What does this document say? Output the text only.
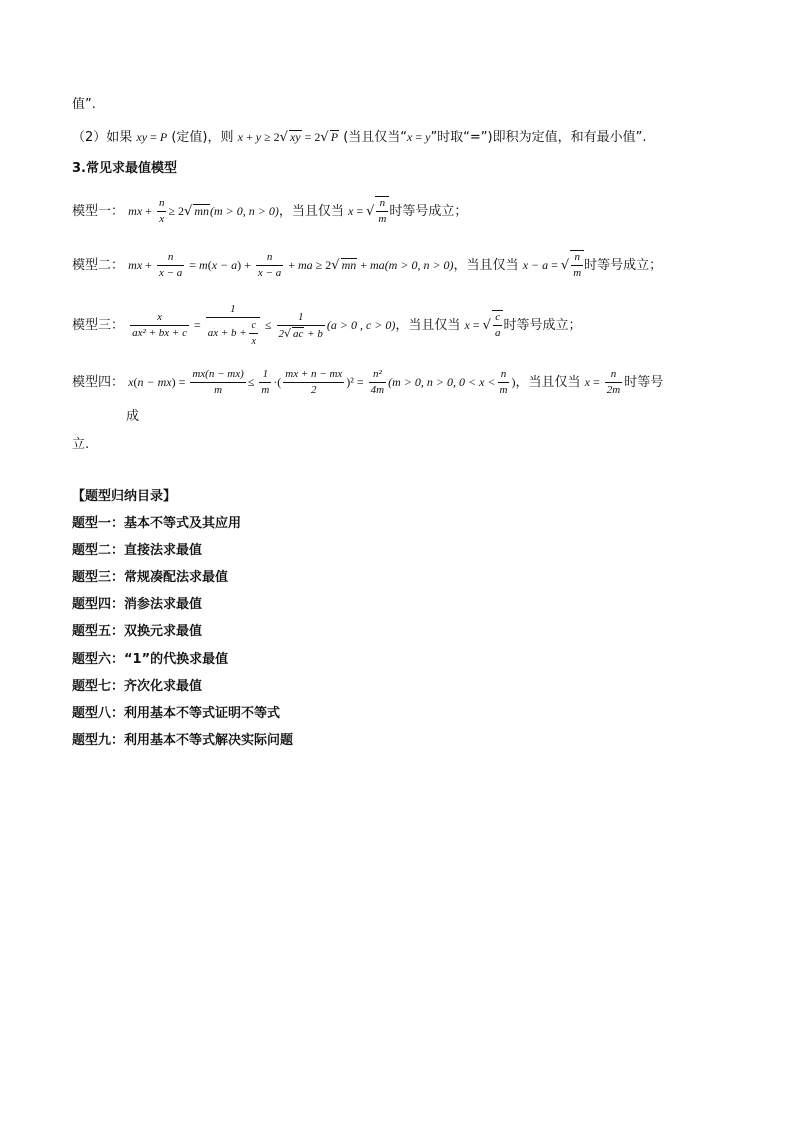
值”.
（2）如果 xy = P (定值)，则 x + y ≥ 2√ xy = 2√ P (当且仅当“x = y”时取“=”)即积为定值，和有最小值”.
3.常见求最值模型
模型一： mx + $\frac{n}{x} \ge 2√$ mn(m > 0, n > 0)，当且仅当 x = √ $\frac{n}{m}$ 时等号成立；
模型二： mx + $\frac{n}{x - a} = m(x - a) + \frac{n}{x - a}$ + ma ≥ 2√ mn + ma(m > 0, n > 0)，当且仅当 x − a = √ $\frac{n}{m}$ 时等号成立；
模型三： $\frac{x}{\text{ax² + bx + c}} = \frac{1}{ax + b + \frac{c}{x}} \le \frac{1}{2√ ac + b} (a > 0$ , c > 0)，当且仅当 x = √ $\frac{c}{a}$ 时等号成立；
模型四： $x(n - mx) = \frac{mx(n - mx)}{m} \le \frac{1}{m}$ ·( $\frac{mx + n - mx}{2} )^2 = \frac{\text{n²}}{4m} (m > 0$, n > 0, $0 < x < \frac{n}{m}$ )，当且仅当 $x = \frac{n}{2m}$ 时等号
成
立.
【题型归纳目录】
题型一：基本不等式及其应用
题型二：直接法求最值
题型三：常规凑配法求最值
题型四：消参法求最值
题型五：双换元求最值
题型六：“1”的代换求最值
题型七：齐次化求最值
题型八：利用基本不等式证明不等式
题型九：利用基本不等式解决实际问题
